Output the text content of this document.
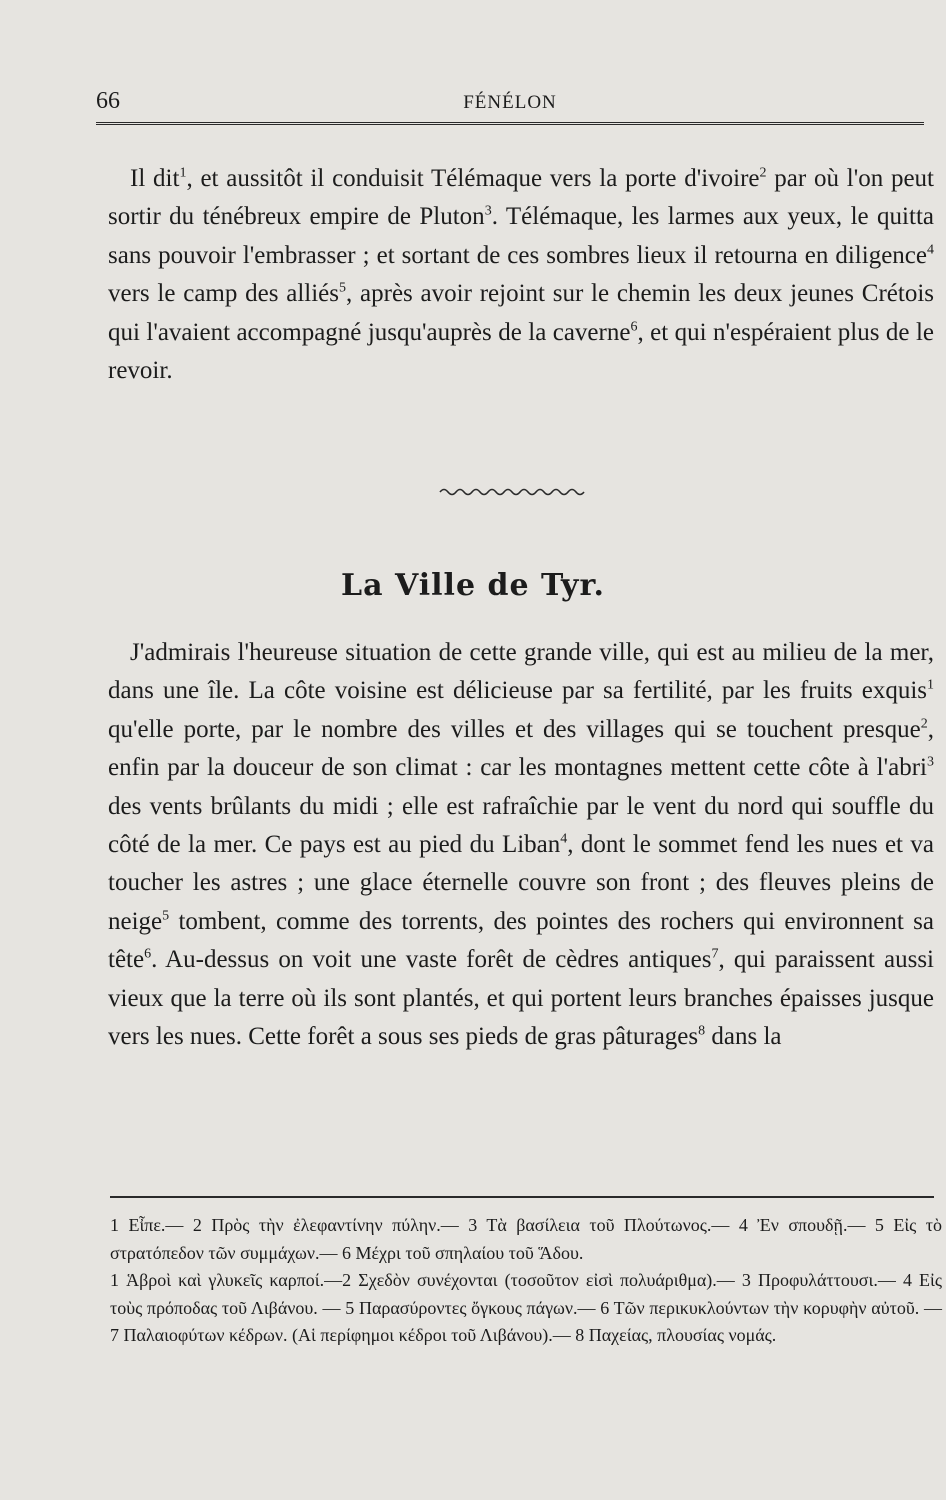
66	FÉNÉLON

Il dit$^1$, et aussitôt il conduisit Télémaque vers la porte d'ivoire$^2$ par où l'on peut sortir du ténébreux empire de Pluton$^3$. Télémaque, les larmes aux yeux, le quitta sans pouvoir l'embrasser ; et sortant de ces sombres lieux il retourna en diligence$^4$ vers le camp des alliés$^5$, après avoir rejoint sur le chemin les deux jeunes Crétois qui l'avaient accompagné jusqu'auprès de la caverne$^6$, et qui n'espéraient plus de le revoir.

La Ville de Tyr.

J'admirais l'heureuse situation de cette grande ville, qui est au milieu de la mer, dans une île. La côte voisine est délicieuse par sa fertilité, par les fruits exquis$^1$ qu'elle porte, par le nombre des villes et des villages qui se touchent presque$^2$, enfin par la douceur de son climat : car les montagnes mettent cette côte à l'abri$^3$ des vents brûlants du midi ; elle est rafraîchie par le vent du nord qui souffle du côté de la mer. Ce pays est au pied du Liban$^4$, dont le sommet fend les nues et va toucher les astres ; une glace éternelle couvre son front ; des fleuves pleins de neige$^5$ tombent, comme des torrents, des pointes des rochers qui environnent sa tête$^6$. Au-dessus on voit une vaste forêt de cèdres antiques$^7$, qui paraissent aussi vieux que la terre où ils sont plantés, et qui portent leurs branches épaisses jusque vers les nues. Cette forêt a sous ses pieds de gras pâturages$^8$ dans la

1 Εἶπε.— 2 Πρὸς τὴν ἐλεφαντίνην πύλην.— 3 Τὰ βασίλεια τοῦ Πλούτωνος.— 4 Ἐν σπουδῇ.— 5 Εἰς τὸ στρατόπεδον τῶν συμμάχων.— 6 Μέχρι τοῦ σπηλαίου τοῦ Ἅδου.
1 Ἁβροὶ καὶ γλυκεῖς καρποί.—2 Σχεδὸν συνέχονται (τοσοῦτον εἰσὶ πολυάριθμα).— 3 Προφυλάττουσι.— 4 Εἰς τοὺς πρόποδας τοῦ Λιβάνου. — 5 Παρασύροντες ὄγκους πάγων.— 6 Τῶν περικυκλούντων τὴν κορυφὴν αὐτοῦ. —7 Παλαιοφύτων κέδρων. (Αἱ περίφημοι κέδροι τοῦ Λιβάνου).— 8 Παχείας, πλουσίας νομάς.
